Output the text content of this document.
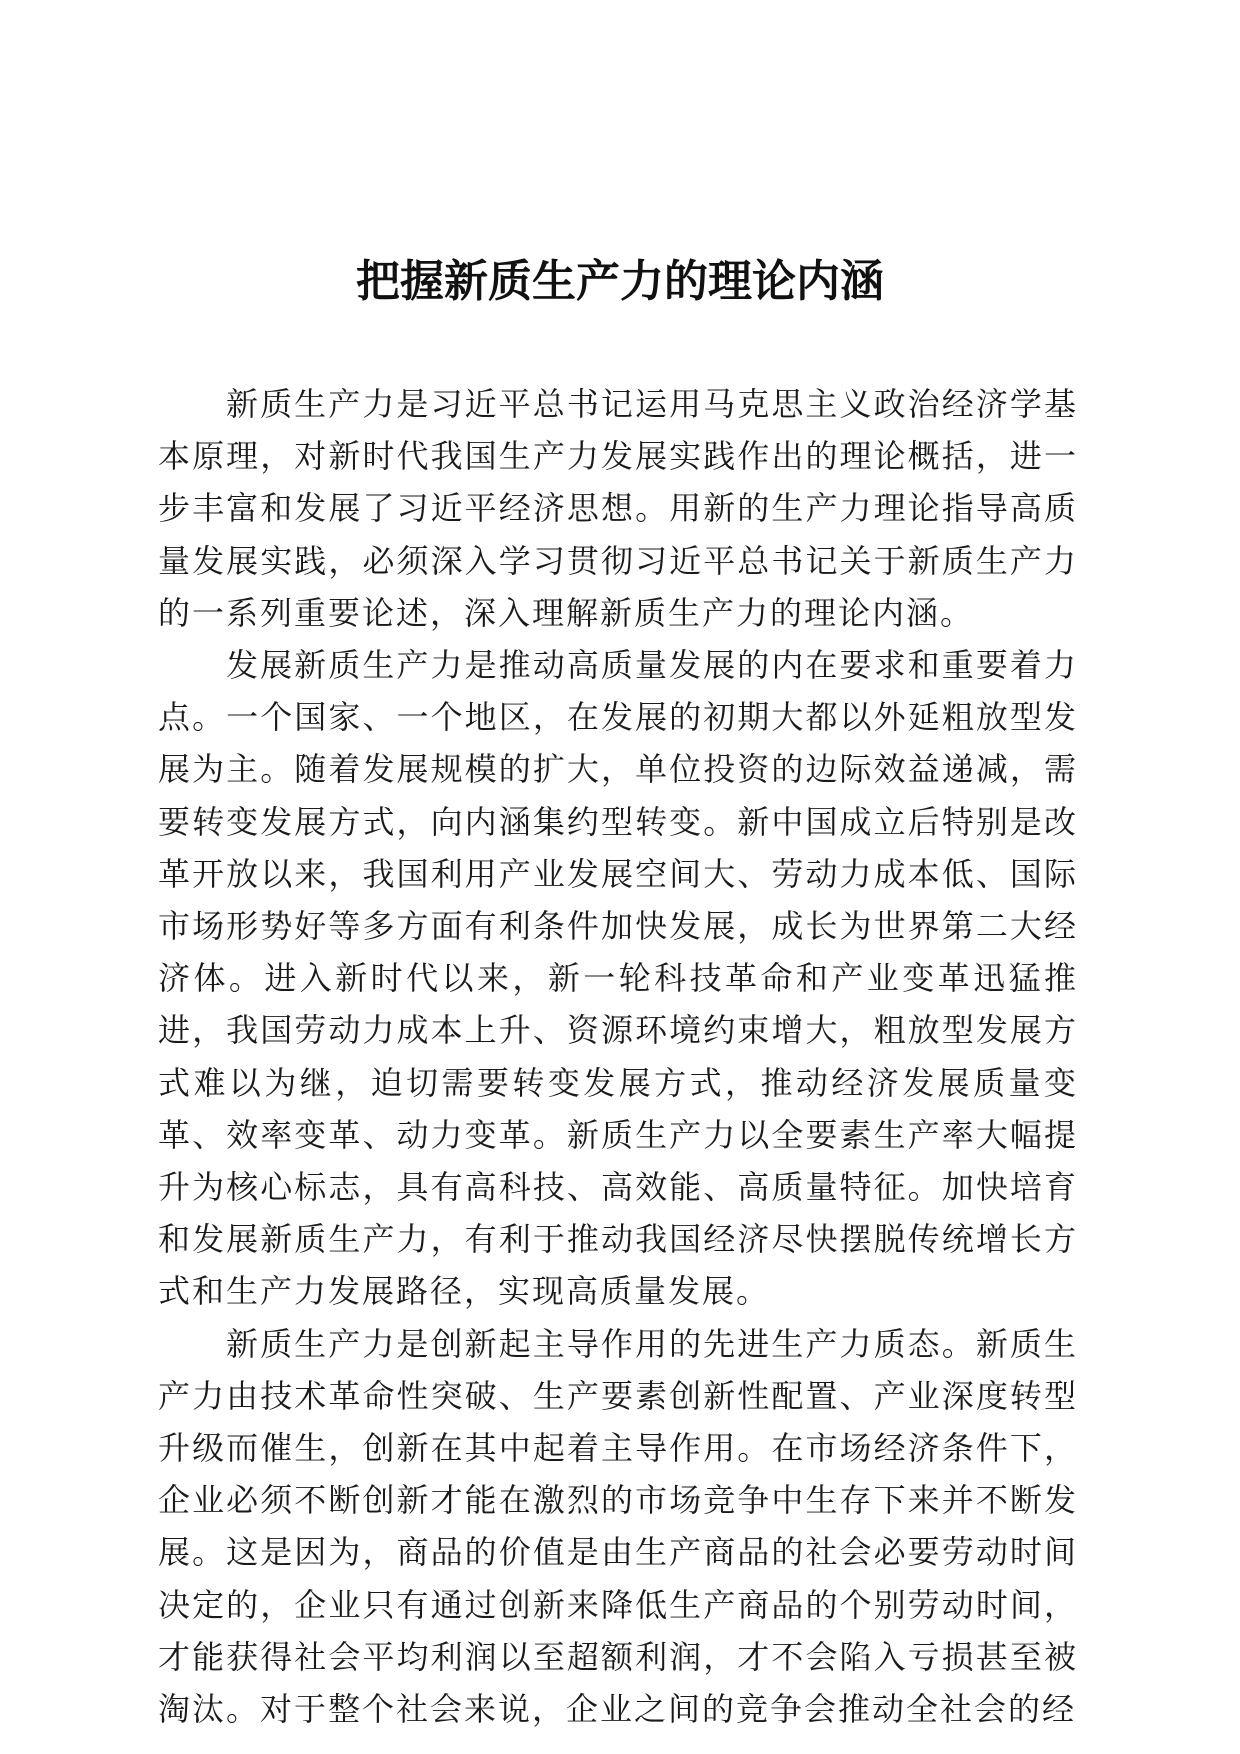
把握新质生产力的理论内涵

新质生产力是习近平总书记运用马克思主义政治经济学基本原理，对新时代我国生产力发展实践作出的理论概括，进一步丰富和发展了习近平经济思想。用新的生产力理论指导高质量发展实践，必须深入学习贯彻习近平总书记关于新质生产力的一系列重要论述，深入理解新质生产力的理论内涵。

发展新质生产力是推动高质量发展的内在要求和重要着力点。一个国家、一个地区，在发展的初期大都以外延粗放型发展为主。随着发展规模的扩大，单位投资的边际效益递减，需要转变发展方式，向内涵集约型转变。新中国成立后特别是改革开放以来，我国利用产业发展空间大、劳动力成本低、国际市场形势好等多方面有利条件加快发展，成长为世界第二大经济体。进入新时代以来，新一轮科技革命和产业变革迅猛推进，我国劳动力成本上升、资源环境约束增大，粗放型发展方式难以为继，迫切需要转变发展方式，推动经济发展质量变革、效率变革、动力变革。新质生产力以全要素生产率大幅提升为核心标志，具有高科技、高效能、高质量特征。加快培育和发展新质生产力，有利于推动我国经济尽快摆脱传统增长方式和生产力发展路径，实现高质量发展。

新质生产力是创新起主导作用的先进生产力质态。新质生产力由技术革命性突破、生产要素创新性配置、产业深度转型升级而催生，创新在其中起着主导作用。在市场经济条件下，企业必须不断创新才能在激烈的市场竞争中生存下来并不断发展。这是因为，商品的价值是由生产商品的社会必要劳动时间决定的，企业只有通过创新来降低生产商品的个别劳动时间，才能获得社会平均利润以至超额利润，才不会陷入亏损甚至被淘汰。对于整个社会来说，企业之间的竞争会推动全社会的经
